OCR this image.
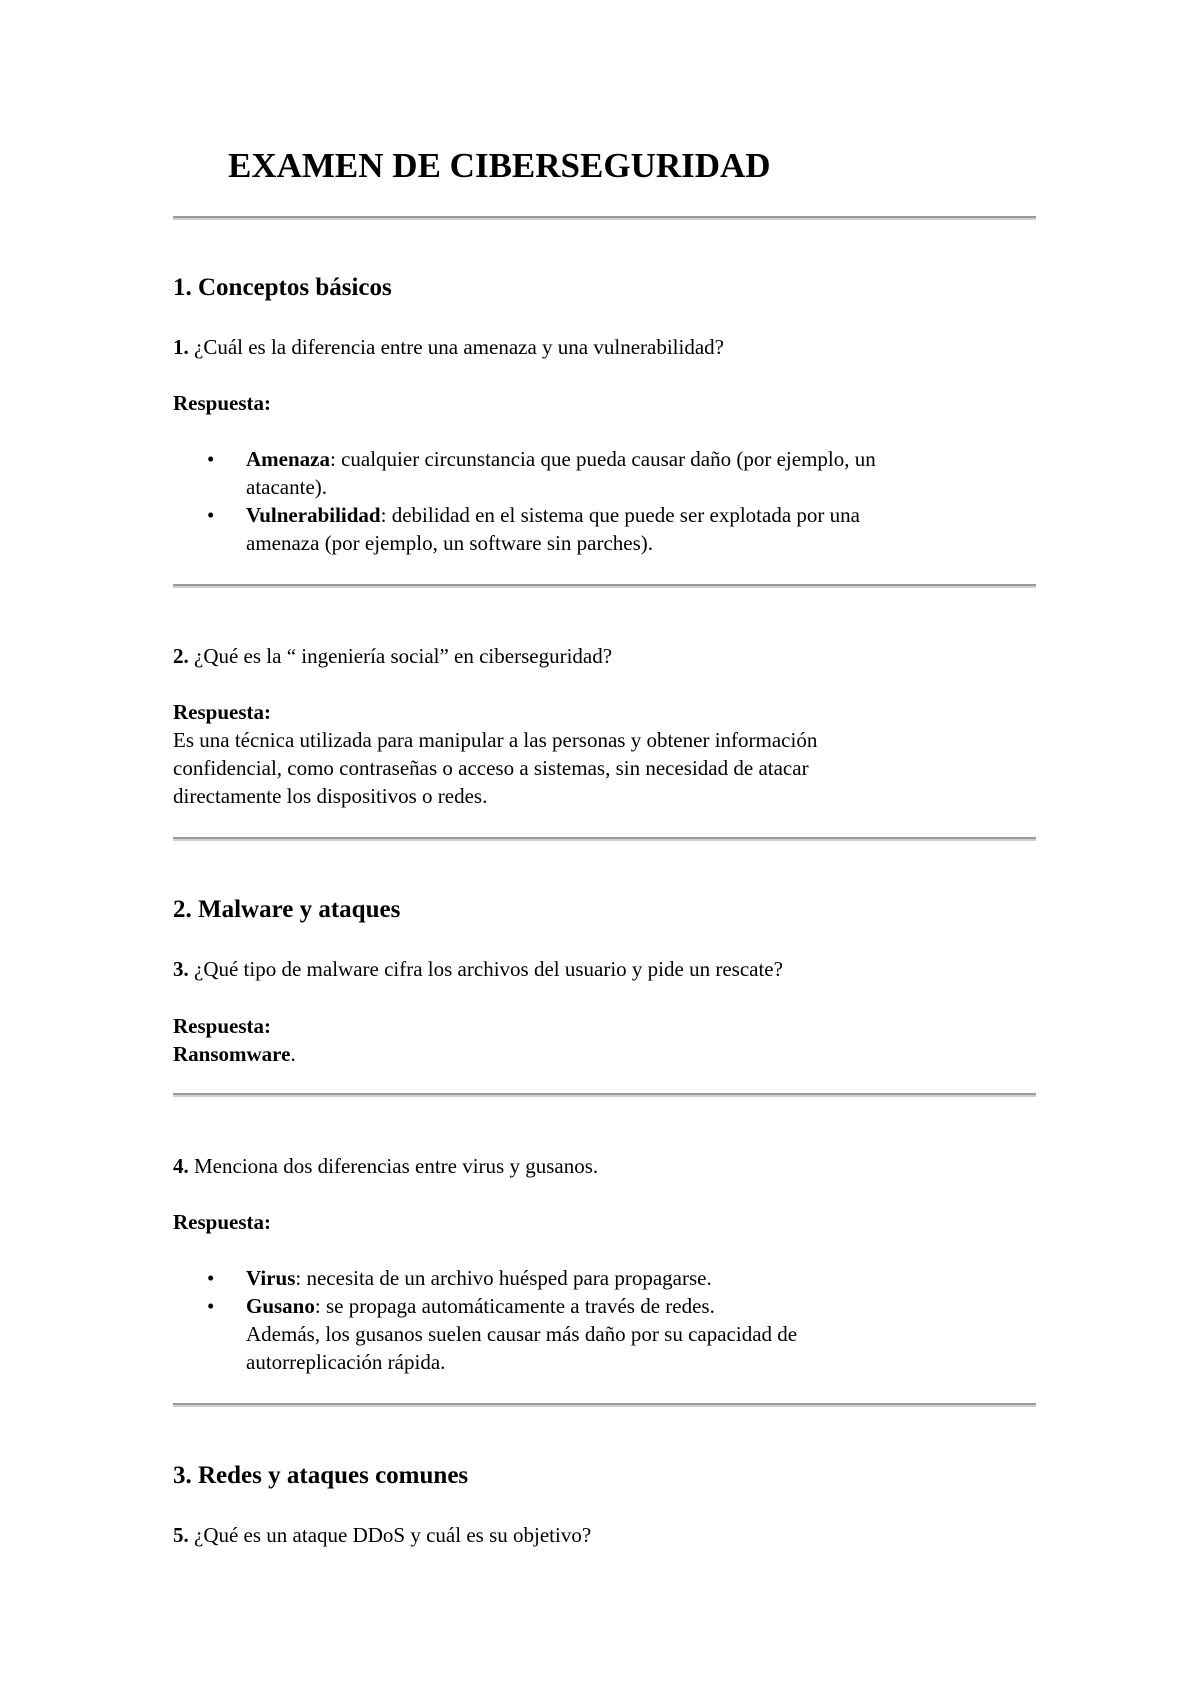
EXAMEN DE CIBERSEGURIDAD
1. Conceptos básicos
1. ¿Cuál es la diferencia entre una amenaza y una vulnerabilidad?
Respuesta:
• Amenaza: cualquier circunstancia que pueda causar daño (por ejemplo, un
atacante).
• Vulnerabilidad: debilidad en el sistema que puede ser explotada por una
amenaza (por ejemplo, un software sin parches).
2. ¿Qué es la “ ingeniería social” en ciberseguridad?
Respuesta:
Es una técnica utilizada para manipular a las personas y obtener información
confidencial, como contraseñas o acceso a sistemas, sin necesidad de atacar
directamente los dispositivos o redes.
2. Malware y ataques
3. ¿Qué tipo de malware cifra los archivos del usuario y pide un rescate?
Respuesta:
Ransomware.
4. Menciona dos diferencias entre virus y gusanos.
Respuesta:
• Virus: necesita de un archivo huésped para propagarse.
• Gusano: se propaga automáticamente a través de redes.
Además, los gusanos suelen causar más daño por su capacidad de
autorreplicación rápida.
3. Redes y ataques comunes
5. ¿Qué es un ataque DDoS y cuál es su objetivo?
